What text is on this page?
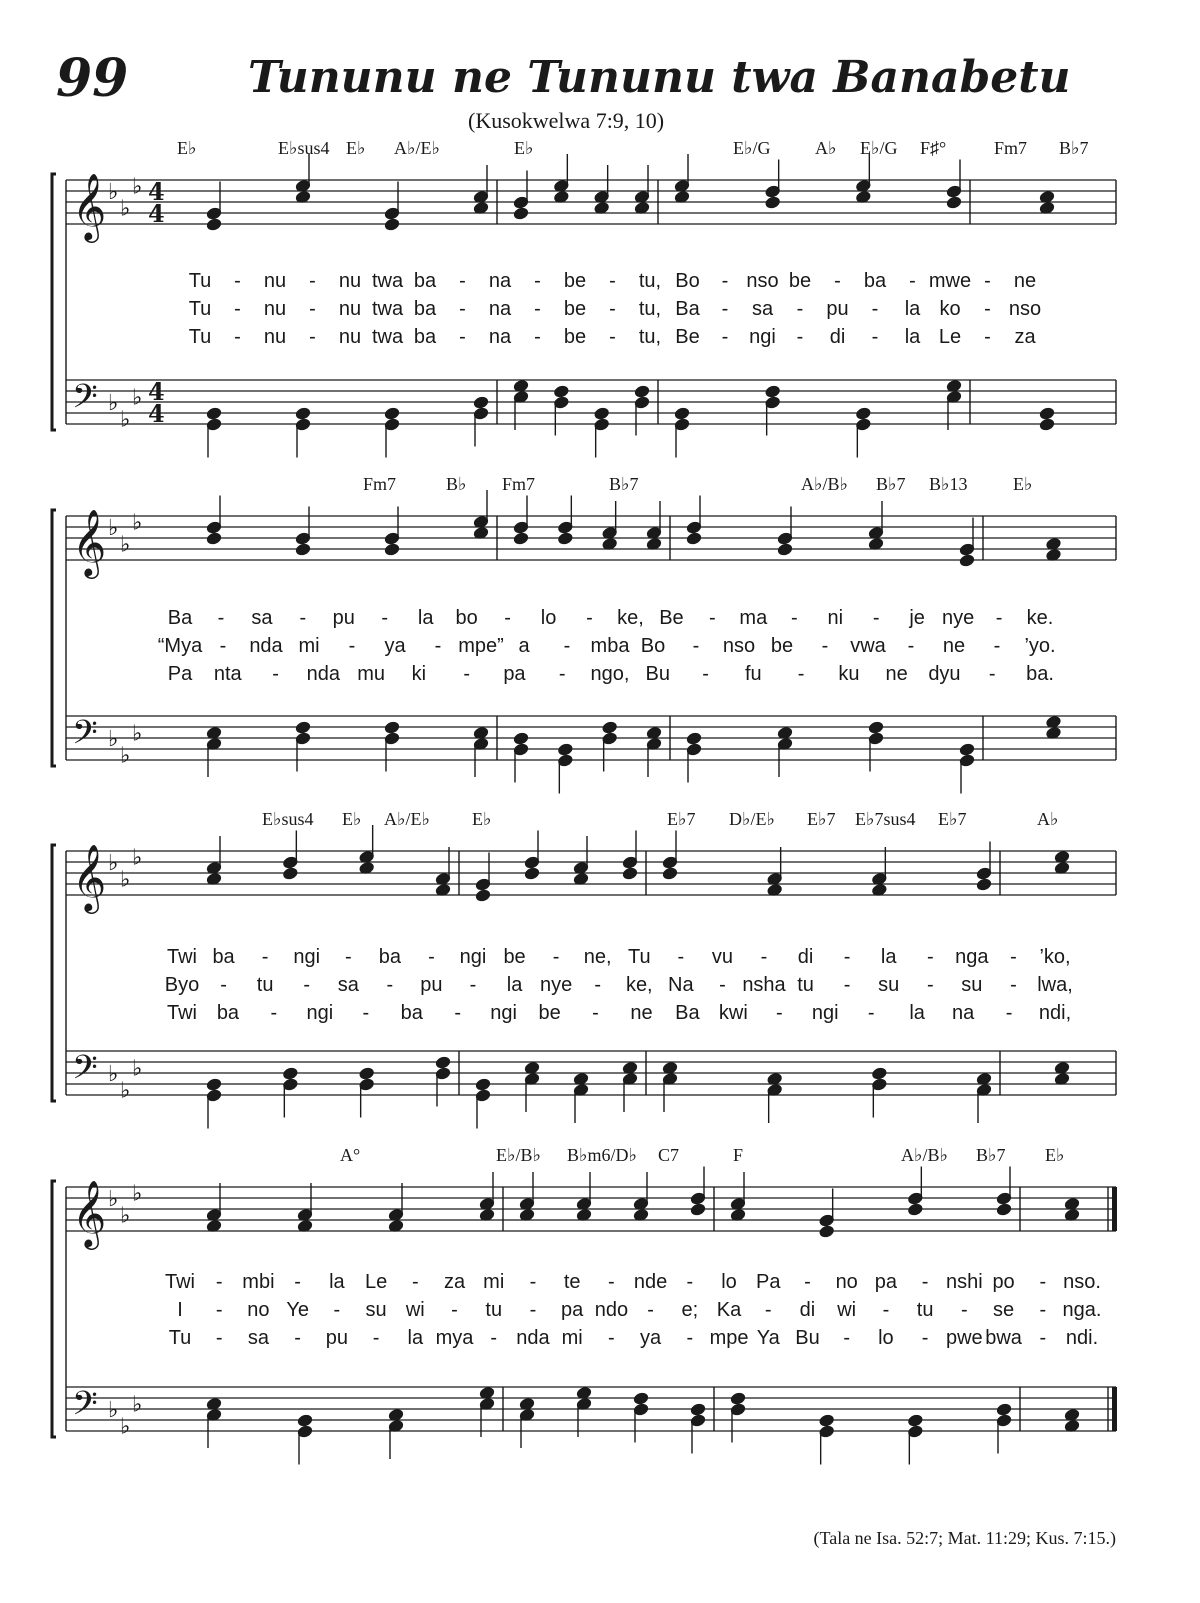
99	Tununu ne Tununu twa Banabetu
(Kusokwelwa 7:9, 10)
𝄞 ♭
♭
♭ 4
4
𝄢 ♭
♭
♭ 4
4
E♭	E♭sus4 E♭ A♭/E♭	E♭	E♭/G A♭ E♭/G F♯°	Fm7 B♭7
Tu - nu - nu twa ba - na - be - tu, Bo - nso be - ba - mwe - ne
Tu - nu - nu twa ba - na - be - tu, Ba - sa - pu - la ko - nso
Tu - nu - nu twa ba - na - be - tu, Be - ngi - di - la Le - za
𝄞 ♭
♭
♭
𝄢 ♭
♭
♭
Fm7	B♭ Fm7	B♭7	A♭/B♭ B♭7 B♭13	E♭
Ba - sa - pu - la bo - lo - ke, Be - ma - ni - je nye - ke.
“Mya - nda mi - ya - mpe” a - mba Bo - nso be - vwa - ne - ’yo.
Pa nta - nda mu ki - pa - ngo, Bu - fu - ku ne dyu - ba.
𝄞 ♭
♭
♭
𝄢 ♭
♭
♭
E♭sus4 E♭ A♭/E♭ E♭	E♭7 D♭/E♭ E♭7 E♭7sus4 E♭7	A♭
Twi ba - ngi - ba - ngi be - ne, Tu - vu - di - la - nga - ’ko,
Byo - tu - sa - pu - la nye - ke, Na - nsha tu - su - su - lwa,
Twi ba - ngi - ba - ngi be - ne Ba kwi - ngi - la na - ndi,
𝄞 ♭
♭
♭
𝄢 ♭
♭
♭
A°	E♭/B♭ B♭m6/D♭ C7	F	A♭/B♭ B♭7 E♭
Twi - mbi - la Le - za mi - te - nde - lo Pa - no pa - nshi po - nso.
I - no Ye - su wi - tu - pa ndo - e; Ka - di wi - tu - se - nga.
Tu - sa - pu - la mya - nda mi - ya - mpe Ya Bu - lo - pwe bwa - ndi.
(Tala ne Isa. 52:7; Mat. 11:29; Kus. 7:15.)
